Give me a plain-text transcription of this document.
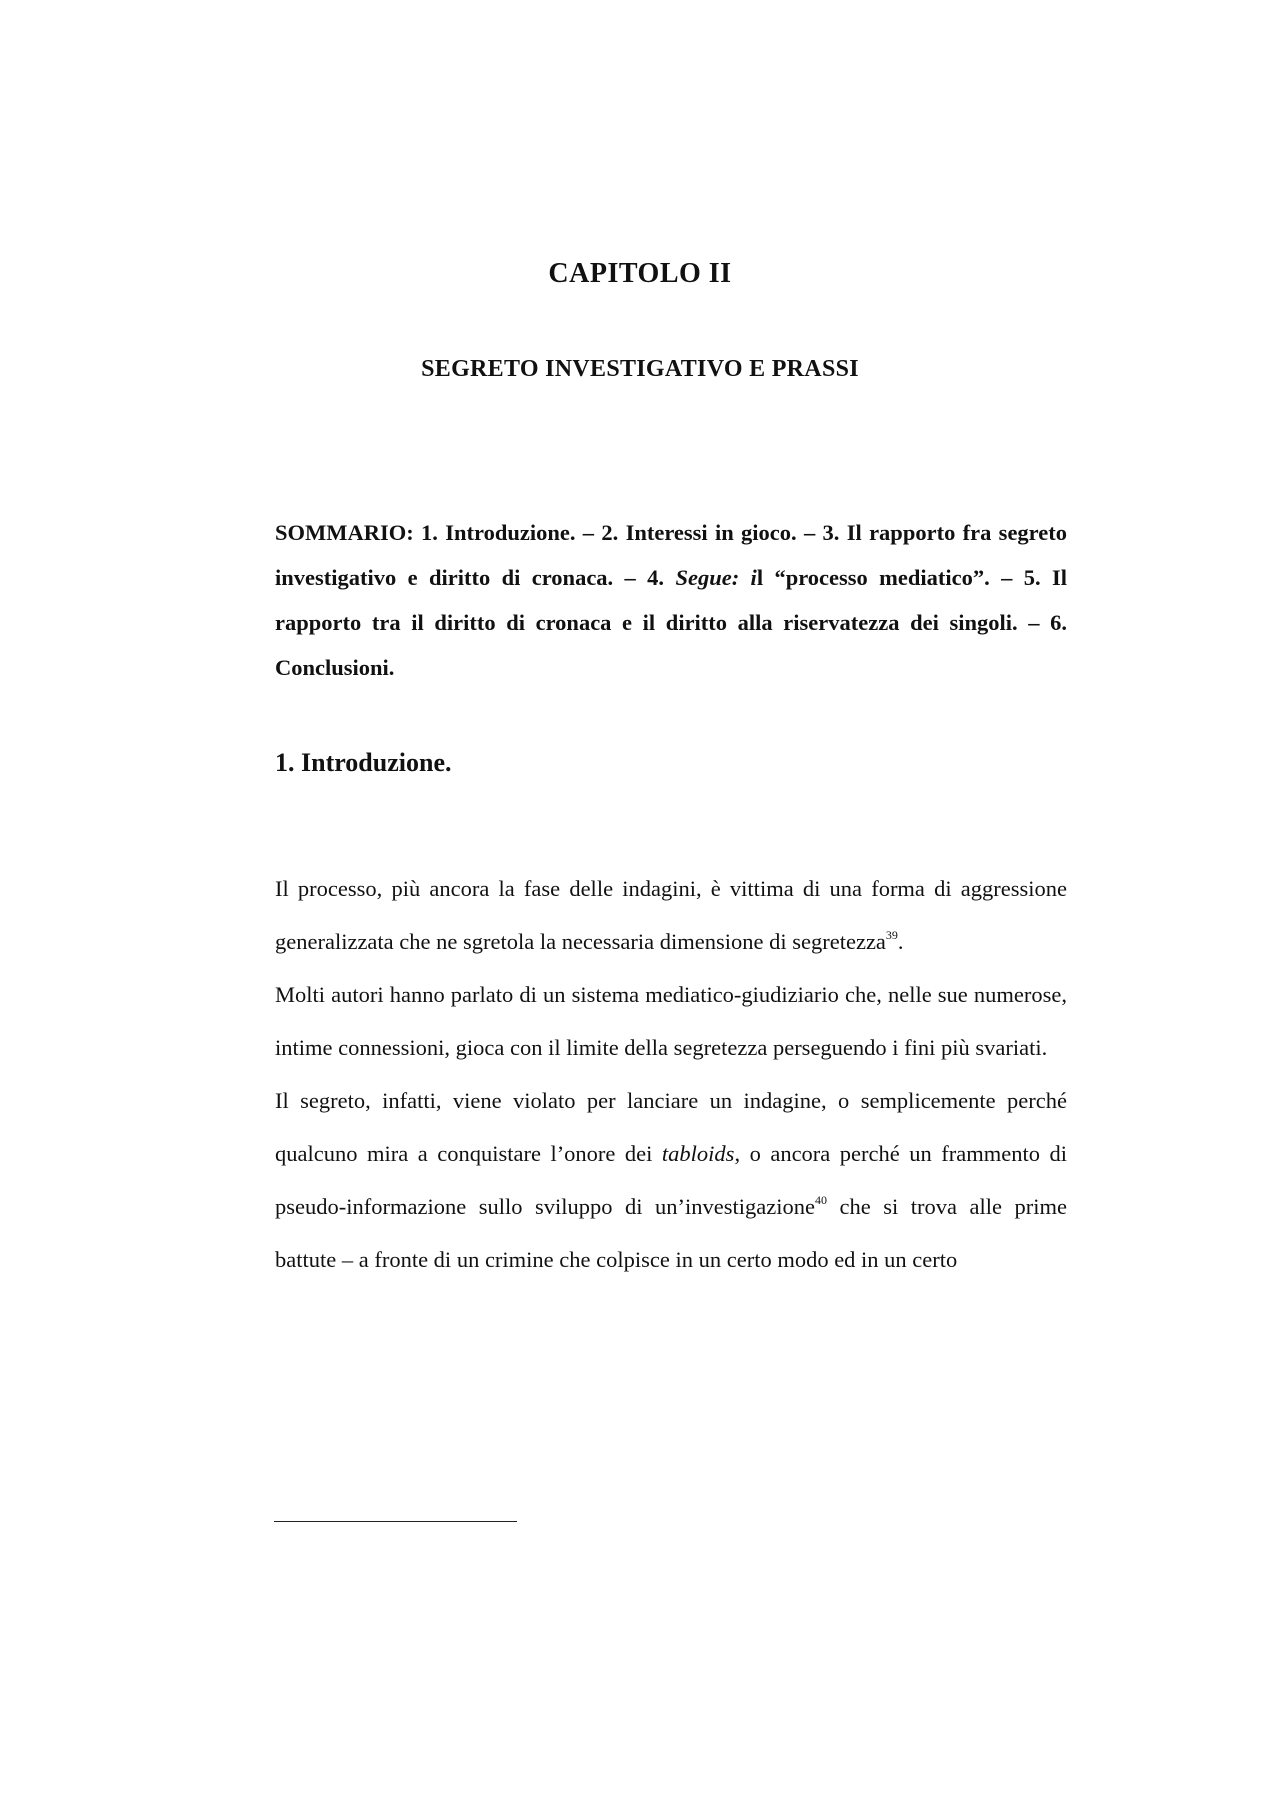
CAPITOLO II
SEGRETO INVESTIGATIVO E PRASSI

SOMMARIO: 1. Introduzione. – 2. Interessi in gioco. – 3. Il rapporto fra segreto investigativo e diritto di cronaca. – 4. Segue: il “processo mediatico”. – 5. Il rapporto tra il diritto di cronaca e il diritto alla riservatezza dei singoli. – 6. Conclusioni.

1. Introduzione.

Il processo, più ancora la fase delle indagini, è vittima di una forma di aggressione generalizzata che ne sgretola la necessaria dimensione di segretezza$^{39}$.

Molti autori hanno parlato di un sistema mediatico-giudiziario che, nelle sue numerose, intime connessioni, gioca con il limite della segretezza perseguendo i fini più svariati.

Il segreto, infatti, viene violato per lanciare un indagine, o semplicemente perché qualcuno mira a conquistare l’onore dei tabloids, o ancora perché un frammento di pseudo-informazione sullo sviluppo di un’investigazione$^{40}$ che si trova alle prime battute – a fronte di un crimine che colpisce in un certo modo ed in un certo
